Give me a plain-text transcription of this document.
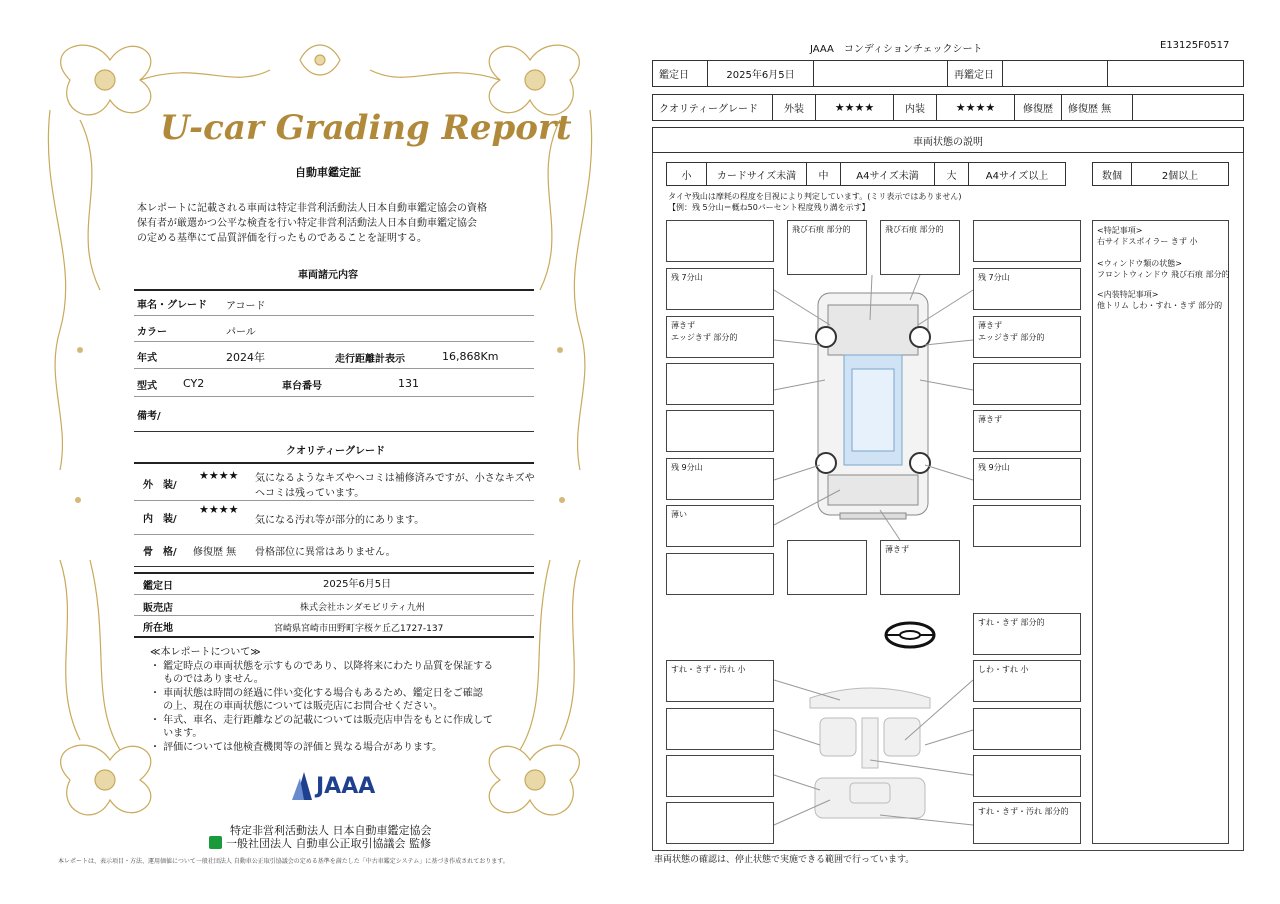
U-car Grading Report
自動車鑑定証
本レポートに記載される車両は特定非営利活動法人日本自動車鑑定協会の資格
保有者が厳選かつ公平な検査を行い特定非営利活動法人日本自動車鑑定協会
の定める基準にて品質評価を行ったものであることを証明する。
車両諸元内容
車名・グレード アコード
カラー	パール
年式	2024年	走行距離計表示	16,868Km
型式 CY2	車台番号	131
備考/
クオリティーグレード
外　装/
★★★★ 気になるようなキズやヘコミは補修済みですが、小さなキズや
ヘコミは残っています。
内　装/
★★★★
気になる汚れ等が部分的にあります。
骨　格/ 修復歴 無 骨格部位に異常はありません。
鑑定日	2025年6月5日
販売店	株式会社ホンダモビリティ九州
所在地	宮崎県宮崎市田野町字桜ケ丘乙1727-137
≪本レポートについて≫
・ 鑑定時点の車両状態を示すものであり、以降将来にわたり品質を保証する
　 ものではありません。
・ 車両状態は時間の経過に伴い変化する場合もあるため、鑑定日をご確認
　 の上、現在の車両状態については販売店にお問合せください。
・ 年式、車名、走行距離などの記載については販売店申告をもとに作成して
　 います。
・ 評価については他検査機関等の評価と異なる場合があります。
JAAA
特定非営利活動法人 日本自動車鑑定協会
一般社団法人 自動車公正取引協議会 監修
本レポートは、表示項目・方法、運用価値について一般社団法人 自動車公正取引協議会の定める基準を満たした「中古車鑑定システム」に基づき作成されております。
JAAA　コンディションチェックシート	E13125F0517
鑑定日	2025年6月5日	再鑑定日
クオリティーグレード	外装	★★★★	内装	★★★★	修復歴	修復歴 無
車両状態の説明
小	カードサイズ未満	中	A4サイズ未満	大	A4サイズ以上	数個	2個以上
タイヤ残山は摩耗の程度を目視により判定しています。(ミリ表示ではありません)
【例：残 5分山＝概ね50パーセント程度残り溝を示す】
<特記事項>
右サイドスポイラー きず 小
<ウィンドウ類の状態>
フロントウィンドウ 飛び石痕 部分的
<内装特記事項>
他トリム しわ・すれ・きず 部分的
飛び石痕 部分的	飛び石痕 部分的
残 7分山	残 7分山
薄きず
エッジきず 部分的
薄きず
エッジきず 部分的
薄きず
残 9分山	残 9分山
薄い
薄きず
すれ・きず 部分的
すれ・きず・汚れ 小	しわ・すれ 小
すれ・きず・汚れ 部分的
車両状態の確認は、停止状態で実施できる範囲で行っています。
